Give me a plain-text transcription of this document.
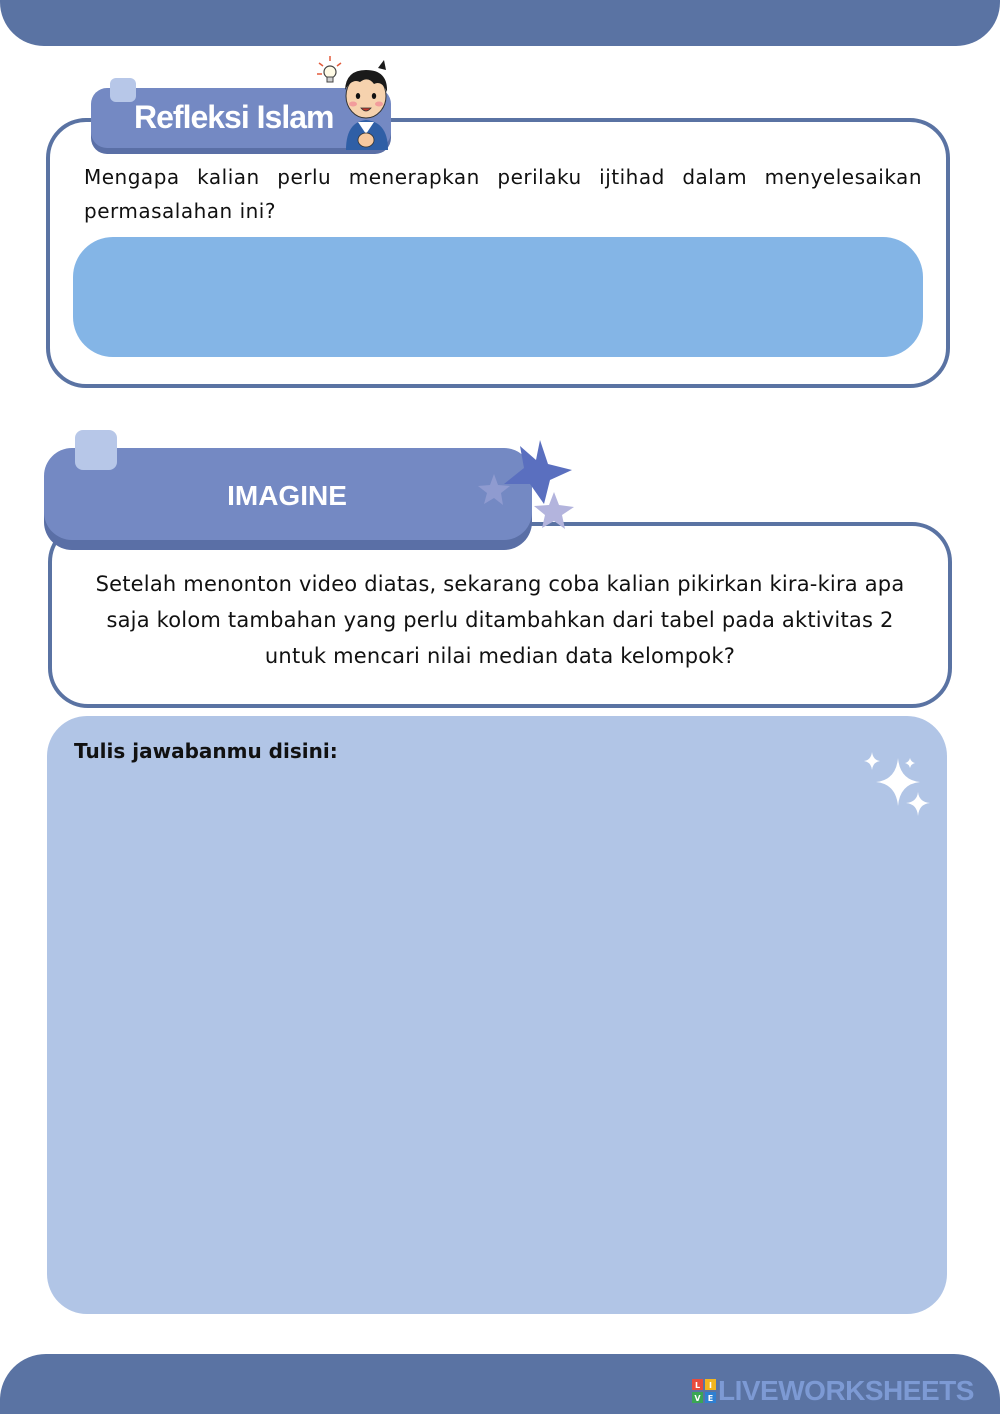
Refleksi Islam
Mengapa kalian perlu menerapkan perilaku ijtihad dalam menyelesaikan permasalahan ini?
IMAGINE
Setelah menonton video diatas, sekarang coba kalian pikirkan kira-kira apa saja kolom tambahan yang perlu ditambahkan dari tabel pada aktivitas 2 untuk mencari nilai median data kelompok?
Tulis jawabanmu disini:
L I
V E LIVEWORKSHEETS
